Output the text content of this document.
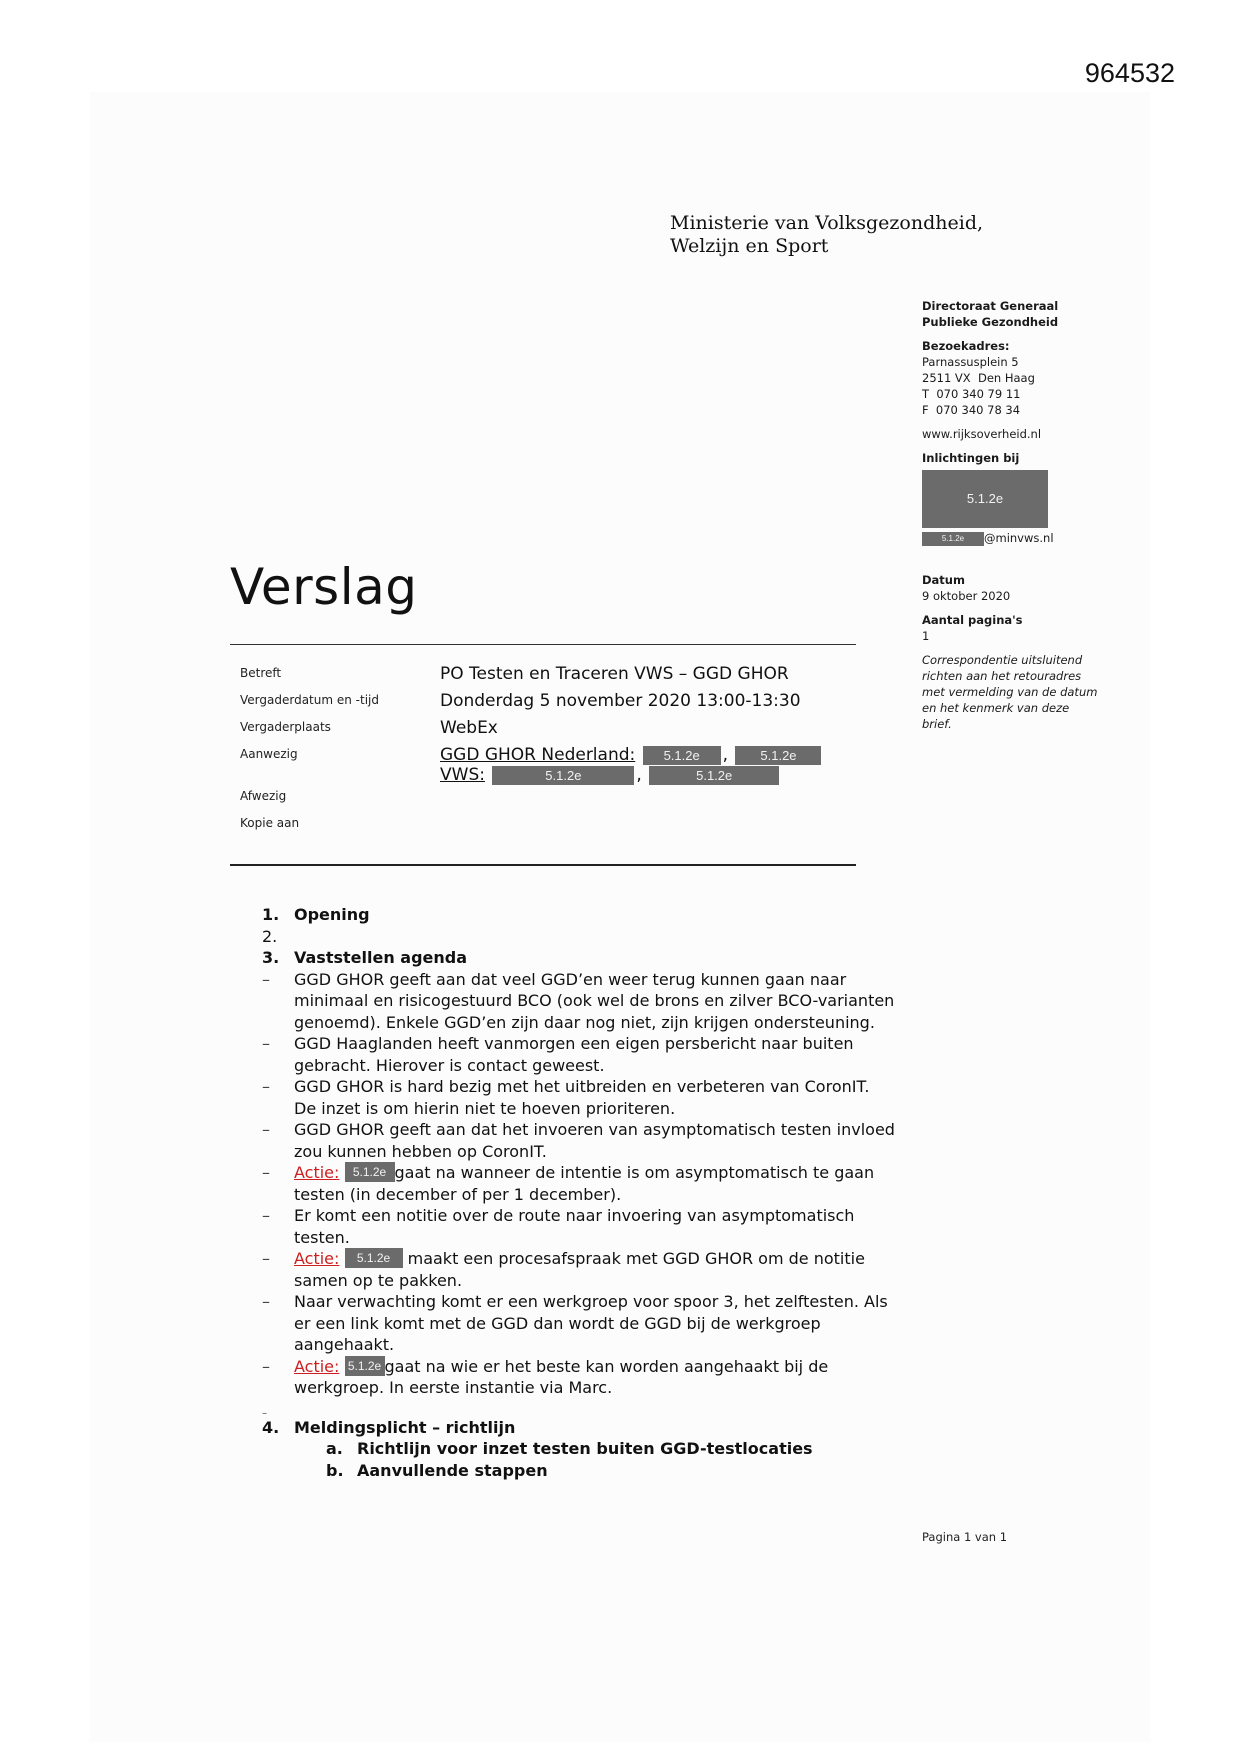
964532
Ministerie van Volksgezondheid,
Welzijn en Sport
Directoraat Generaal
Publieke Gezondheid
Bezoekadres:
Parnassusplein 5
2511 VX  Den Haag
T  070 340 79 11
F  070 340 78 34
www.rijksoverheid.nl
Inlichtingen bij
5.1.2e
5.1.2e @minvws.nl
Datum
9 oktober 2020
Aantal pagina's
1
Correspondentie uitsluitend
richten aan het retouradres
met vermelding van de datum
en het kenmerk van deze
brief.
Verslag
Betreft	PO Testen en Traceren VWS – GGD GHOR
Vergaderdatum en -tijd	Donderdag 5 november 2020 13:00-13:30
Vergaderplaats	WebEx
Aanwezig	GGD GHOR Nederland: 5.1.2e , 5.1.2e
VWS:	5.1.2e	,	5.1.2e
Afwezig
Kopie aan
1. Opening
2.

3. Vaststellen agenda
– GGD GHOR geeft aan dat veel GGD’en weer terug kunnen gaan naar
minimaal en risicogestuurd BCO (ook wel de brons en zilver BCO-varianten
genoemd). Enkele GGD’en zijn daar nog niet, zijn krijgen ondersteuning.
– GGD Haaglanden heeft vanmorgen een eigen persbericht naar buiten
gebracht. Hierover is contact geweest.
– GGD GHOR is hard bezig met het uitbreiden en verbeteren van CoronIT.
De inzet is om hierin niet te hoeven prioriteren.
– GGD GHOR geeft aan dat het invoeren van asymptomatisch testen invloed
zou kunnen hebben op CoronIT.
– Actie: 5.1.2e gaat na wanneer de intentie is om asymptomatisch te gaan
testen (in december of per 1 december).
– Er komt een notitie over de route naar invoering van asymptomatisch
testen.
– Actie: 5.1.2e maakt een procesafspraak met GGD GHOR om de notitie
samen op te pakken.
– Naar verwachting komt er een werkgroep voor spoor 3, het zelftesten. Als
er een link komt met de GGD dan wordt de GGD bij de werkgroep
aangehaakt.
– Actie: 5.1.2e gaat na wie er het beste kan worden aangehaakt bij de
werkgroep. In eerste instantie via Marc.
–
4. Meldingsplicht – richtlijn
a. Richtlijn voor inzet testen buiten GGD-testlocaties
b. Aanvullende stappen
Pagina 1 van 1
